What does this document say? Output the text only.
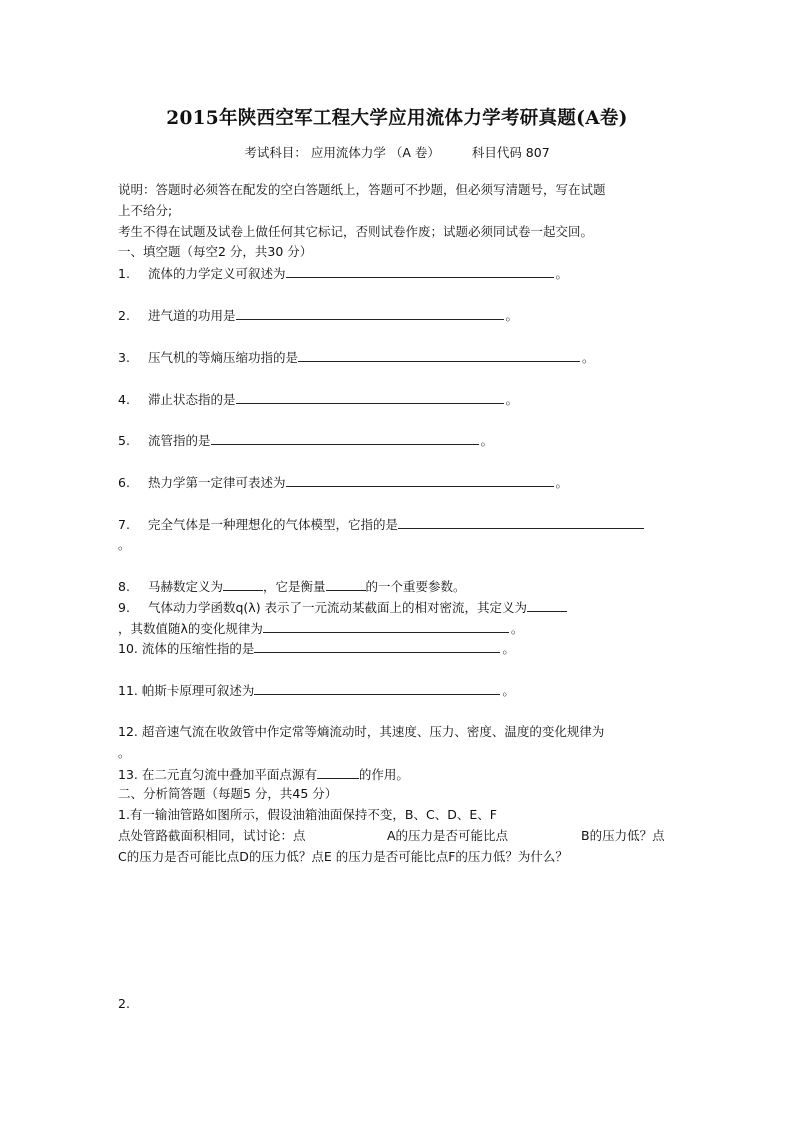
2015年陕西空军工程大学应用流体力学考研真题(A卷)
考试科目： 应用流体力学 （A 卷）	科目代码 807
说明：答题时必须答在配发的空白答题纸上，答题可不抄题，但必须写清题号，写在试题
上不给分;
考生不得在试题及试卷上做任何其它标记，否则试卷作废；试题必须同试卷一起交回。
一、填空题（每空2 分，共30 分）
1. 流体的力学定义可叙述为	。
2. 进气道的功用是	。
3. 压气机的等熵压缩功指的是	。
4. 滞止状态指的是	。
5. 流管指的是	。
6. 热力学第一定律可表述为	。
7. 完全气体是一种理想化的气体模型，它指的是
。
8. 马赫数定义为	，它是衡量	的一个重要参数。
9. 气体动力学函数q(λ) 表示了一元流动某截面上的相对密流，其定义为
，其数值随λ的变化规律为	。
10. 流体的压缩性指的是	。
11. 帕斯卡原理可叙述为	。
12. 超音速气流在收敛管中作定常等熵流动时，其速度、压力、密度、温度的变化规律为
。
13. 在二元直匀流中叠加平面点源有	的作用。
二、分析简答题（每题5 分，共45 分）
1.有一输油管路如图所示，假设油箱油面保持不变，B、C、D、E、F
点处管路截面积相同，试讨论：点	A的压力是否可能比点	B的压力低？点
C的压力是否可能比点D的压力低？点E 的压力是否可能比点F的压力低？为什么？
2.
